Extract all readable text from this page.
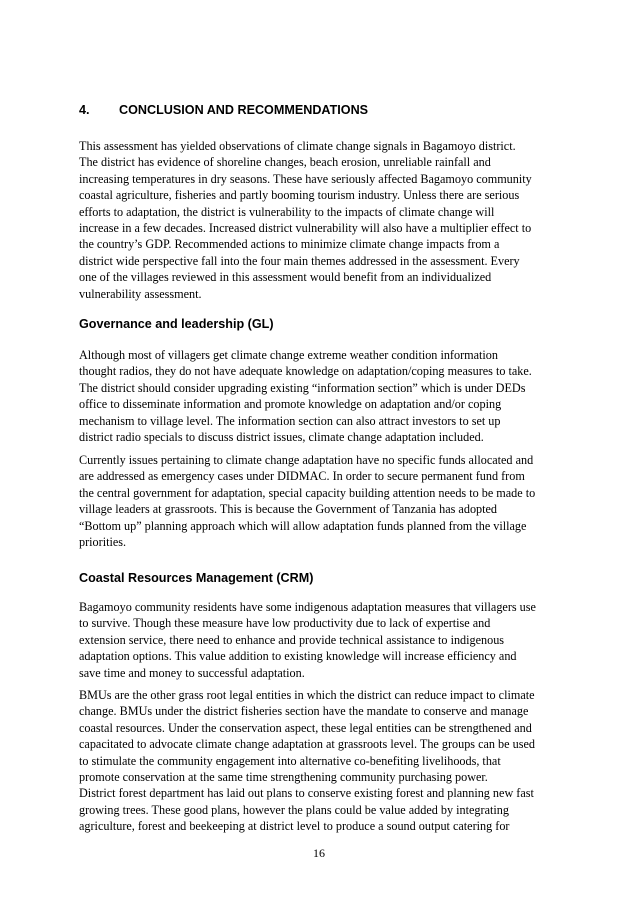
4. CONCLUSION AND RECOMMENDATIONS

This assessment has yielded observations of climate change signals in Bagamoyo district.
The district has evidence of shoreline changes, beach erosion, unreliable rainfall and
increasing temperatures in dry seasons. These have seriously affected Bagamoyo community
coastal agriculture, fisheries and partly booming tourism industry. Unless there are serious
efforts to adaptation, the district is vulnerability to the impacts of climate change will
increase in a few decades. Increased district vulnerability will also have a multiplier effect to
the country’s GDP. Recommended actions to minimize climate change impacts from a
district wide perspective fall into the four main themes addressed in the assessment. Every
one of the villages reviewed in this assessment would benefit from an individualized
vulnerability assessment.

Governance and leadership (GL)

Although most of villagers get climate change extreme weather condition information
thought radios, they do not have adequate knowledge on adaptation/coping measures to take.
The district should consider upgrading existing “information section” which is under DEDs
office to disseminate information and promote knowledge on adaptation and/or coping
mechanism to village level. The information section can also attract investors to set up
district radio specials to discuss district issues, climate change adaptation included.

Currently issues pertaining to climate change adaptation have no specific funds allocated and
are addressed as emergency cases under DIDMAC. In order to secure permanent fund from
the central government for adaptation, special capacity building attention needs to be made to
village leaders at grassroots. This is because the Government of Tanzania has adopted
“Bottom up” planning approach which will allow adaptation funds planned from the village
priorities.

Coastal Resources Management (CRM)

Bagamoyo community residents have some indigenous adaptation measures that villagers use
to survive. Though these measure have low productivity due to lack of expertise and
extension service, there need to enhance and provide technical assistance to indigenous
adaptation options. This value addition to existing knowledge will increase efficiency and
save time and money to successful adaptation.

BMUs are the other grass root legal entities in which the district can reduce impact to climate
change. BMUs under the district fisheries section have the mandate to conserve and manage
coastal resources. Under the conservation aspect, these legal entities can be strengthened and
capacitated to advocate climate change adaptation at grassroots level. The groups can be used
to stimulate the community engagement into alternative co-benefiting livelihoods, that
promote conservation at the same time strengthening community purchasing power.
District forest department has laid out plans to conserve existing forest and planning new fast
growing trees. These good plans, however the plans could be value added by integrating
agriculture, forest and beekeeping at district level to produce a sound output catering for

16
